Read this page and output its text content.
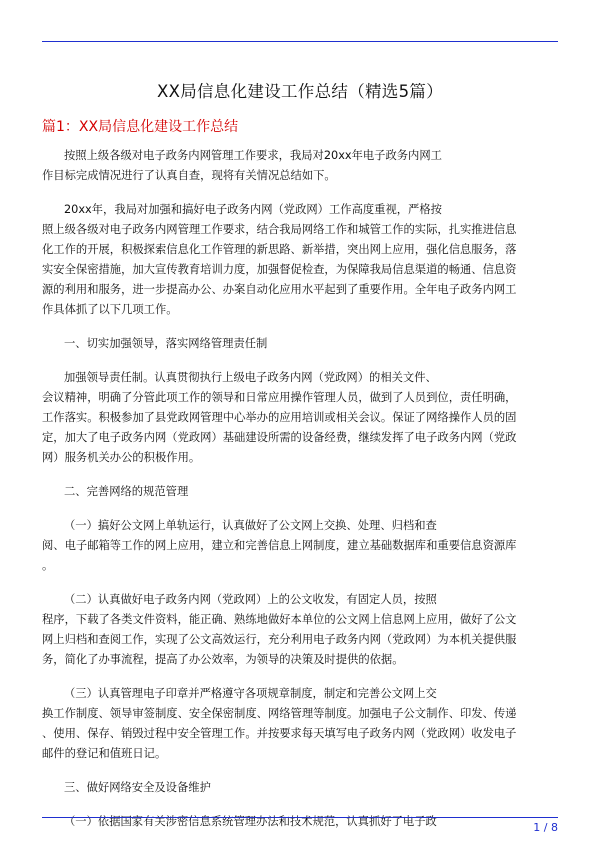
XX局信息化建设工作总结（精选5篇）
篇1：XX局信息化建设工作总结
按照上级各级对电子政务内网管理工作要求，我局对20xx年电子政务内网工
作目标完成情况进行了认真自查，现将有关情况总结如下。
20xx年，我局对加强和搞好电子政务内网（党政网）工作高度重视，严格按
照上级各级对电子政务内网管理工作要求，结合我局网络工作和城管工作的实际，扎实推进信息
化工作的开展，积极探索信息化工作管理的新思路、新举措，突出网上应用，强化信息服务，落
实安全保密措施，加大宣传教育培训力度，加强督促检查，为保障我局信息渠道的畅通、信息资
源的利用和服务，进一步提高办公、办案自动化应用水平起到了重要作用。全年电子政务内网工
作具体抓了以下几项工作。
一、切实加强领导，落实网络管理责任制
加强领导责任制。认真贯彻执行上级电子政务内网（党政网）的相关文件、
会议精神，明确了分管此项工作的领导和日常应用操作管理人员，做到了人员到位，责任明确，
工作落实。积极参加了县党政网管理中心举办的应用培训或相关会议。保证了网络操作人员的固
定，加大了电子政务内网（党政网）基础建设所需的设备经费，继续发挥了电子政务内网（党政
网）服务机关办公的积极作用。
二、完善网络的规范管理
（一）搞好公文网上单轨运行，认真做好了公文网上交换、处理、归档和查
阅、电子邮箱等工作的网上应用，建立和完善信息上网制度，建立基础数据库和重要信息资源库
。
（二）认真做好电子政务内网（党政网）上的公文收发，有固定人员，按照
程序，下载了各类文件资料，能正确、熟练地做好本单位的公文网上信息网上应用，做好了公文
网上归档和查阅工作，实现了公文高效运行，充分利用电子政务内网（党政网）为本机关提供服
务，简化了办事流程，提高了办公效率，为领导的决策及时提供的依据。
（三）认真管理电子印章并严格遵守各项规章制度，制定和完善公文网上交
换工作制度、领导审签制度、安全保密制度、网络管理等制度。加强电子公文制作、印发、传递
、使用、保存、销毁过程中安全管理工作。并按要求每天填写电子政务内网（党政网）收发电子
邮件的登记和值班日记。
三、做好网络安全及设备维护
（一）依据国家有关涉密信息系统管理办法和技术规范，认真抓好了电子政	1 / 8
